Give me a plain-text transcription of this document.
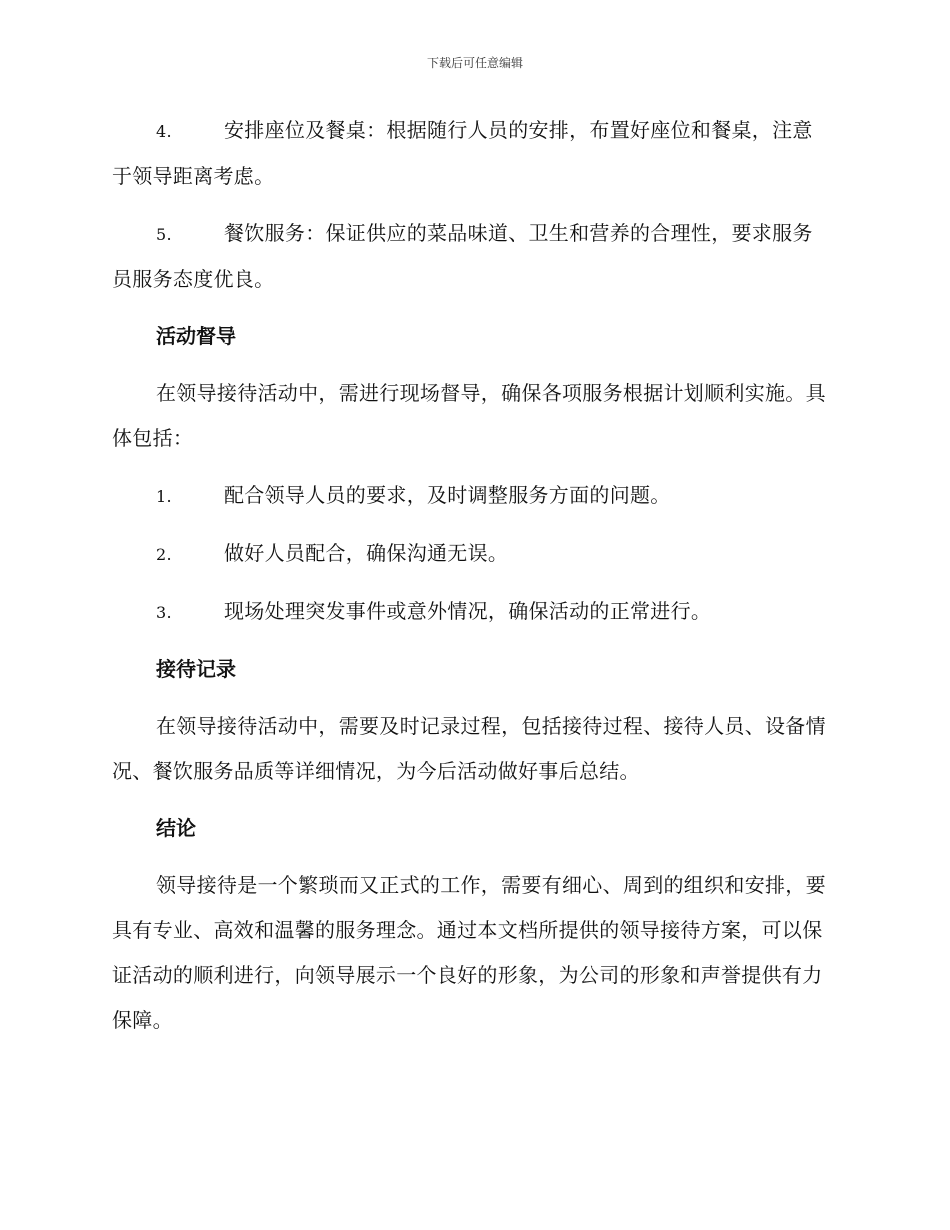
下载后可任意编辑
4.	安排座位及餐桌：根据随行人员的安排，布置好座位和餐桌，注意于领导距离考虑。
5.	餐饮服务：保证供应的菜品味道、卫生和营养的合理性，要求服务员服务态度优良。
活动督导
在领导接待活动中，需进行现场督导，确保各项服务根据计划顺利实施。具体包括：
1.	配合领导人员的要求，及时调整服务方面的问题。
2.	做好人员配合，确保沟通无误。
3.	现场处理突发事件或意外情况，确保活动的正常进行。
接待记录
在领导接待活动中，需要及时记录过程，包括接待过程、接待人员、设备情况、餐饮服务品质等详细情况，为今后活动做好事后总结。
结论
领导接待是一个繁琐而又正式的工作，需要有细心、周到的组织和安排，要具有专业、高效和温馨的服务理念。通过本文档所提供的领导接待方案，可以保证活动的顺利进行，向领导展示一个良好的形象，为公司的形象和声誉提供有力保障。
